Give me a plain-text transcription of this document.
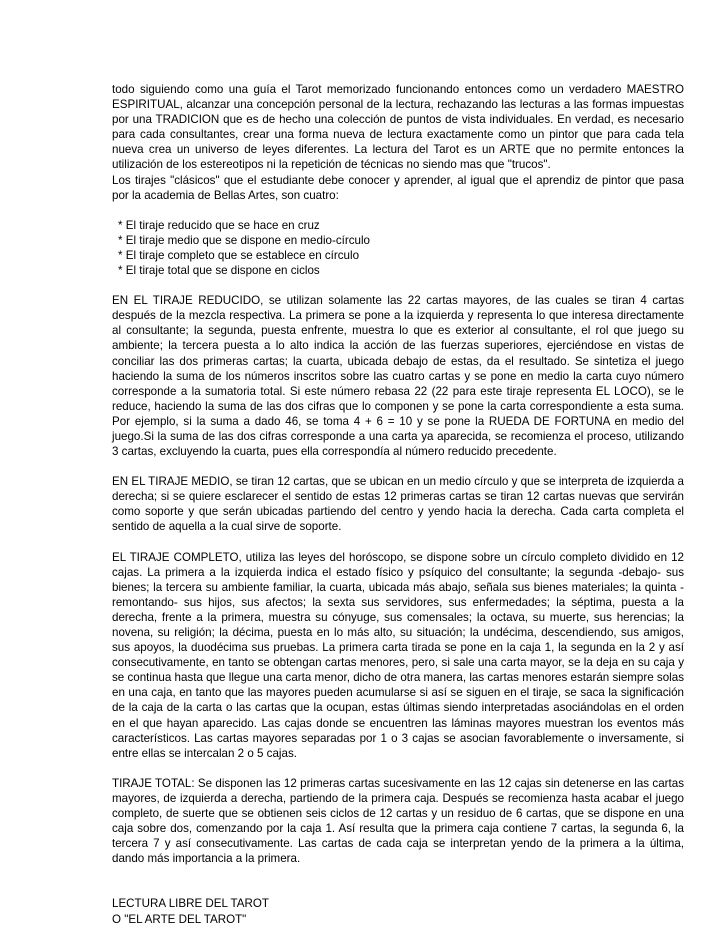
todo siguiendo como una guía el Tarot memorizado funcionando entonces como un verdadero MAESTRO ESPIRITUAL, alcanzar una concepción personal de la lectura, rechazando las lecturas a las formas impuestas por una TRADICION que es de hecho una colección de puntos de vista individuales. En verdad, es necesario para cada consultantes, crear una forma nueva de lectura exactamente como un pintor que para cada tela nueva crea un universo de leyes diferentes. La lectura del Tarot es un ARTE que no permite entonces la utilización de los estereotipos ni la repetición de técnicas no siendo mas que "trucos".

Los tirajes "clásicos" que el estudiante debe conocer y aprender, al igual que el aprendiz de pintor que pasa por la academia de Bellas Artes, son cuatro:

* El tiraje reducido que se hace en cruz
* El tiraje medio que se dispone en medio-círculo
* El tiraje completo que se establece en círculo
* El tiraje total que se dispone en ciclos

EN EL TIRAJE REDUCIDO, se utilizan solamente las 22 cartas mayores, de las cuales se tiran 4 cartas después de la mezcla respectiva. La primera se pone a la izquierda y representa lo que interesa directamente al consultante; la segunda, puesta enfrente, muestra lo que es exterior al consultante, el rol que juego su ambiente; la tercera puesta a lo alto indica la acción de las fuerzas superiores, ejerciéndose en vistas de conciliar las dos primeras cartas; la cuarta, ubicada debajo de estas, da el resultado. Se sintetiza el juego haciendo la suma de los números inscritos sobre las cuatro cartas y se pone en medio la carta cuyo número corresponde a la sumatoria total. Si este número rebasa 22 (22 para este tiraje representa EL LOCO), se le reduce, haciendo la suma de las dos cifras que lo componen y se pone la carta correspondiente a esta suma. Por ejemplo, si la suma a dado 46, se toma 4 + 6 = 10 y se pone la RUEDA DE FORTUNA en medio del juego.Si la suma de las dos cifras corresponde a una carta ya aparecida, se recomienza el proceso, utilizando 3 cartas, excluyendo la cuarta, pues ella correspondía al número reducido precedente.

EN EL TIRAJE MEDIO, se tiran 12 cartas, que se ubican en un medio círculo y que se interpreta de izquierda a derecha; si se quiere esclarecer el sentido de estas 12 primeras cartas se tiran 12 cartas nuevas que servirán como soporte y que serán ubicadas partiendo del centro y yendo hacia la derecha. Cada carta completa el sentido de aquella a la cual sirve de soporte.

EL TIRAJE COMPLETO, utiliza las leyes del horóscopo, se dispone sobre un círculo completo dividido en 12 cajas. La primera a la izquierda indica el estado físico y psíquico del consultante; la segunda -debajo- sus bienes; la tercera su ambiente familiar, la cuarta, ubicada más abajo, señala sus bienes materiales; la quinta - remontando- sus hijos, sus afectos; la sexta sus servidores, sus enfermedades; la séptima, puesta a la derecha, frente a la primera, muestra su cónyuge, sus comensales; la octava, su muerte, sus herencias; la novena, su religión; la décima, puesta en lo más alto, su situación; la undécima, descendiendo, sus amigos, sus apoyos, la duodécima sus pruebas. La primera carta tirada se pone en la caja 1, la segunda en la 2 y así consecutivamente, en tanto se obtengan cartas menores, pero, si sale una carta mayor, se la deja en su caja y se continua hasta que llegue una carta menor, dicho de otra manera, las cartas menores estarán siempre solas en una caja, en tanto que las mayores pueden acumularse si así se siguen en el tiraje, se saca la significación de la caja de la carta o las cartas que la ocupan, estas últimas siendo interpretadas asociándolas en el orden en el que hayan aparecido. Las cajas donde se encuentren las láminas mayores muestran los eventos más característicos. Las cartas mayores separadas por 1 o 3 cajas se asocian favorablemente o inversamente, si entre ellas se intercalan 2 o 5 cajas.

TIRAJE TOTAL: Se disponen las 12 primeras cartas sucesivamente en las 12 cajas sin detenerse en las cartas mayores, de izquierda a derecha, partiendo de la primera caja. Después se recomienza hasta acabar el juego completo, de suerte que se obtienen seis ciclos de 12 cartas y un residuo de 6 cartas, que se dispone en una caja sobre dos, comenzando por la caja 1. Así resulta que la primera caja contiene 7 cartas, la segunda 6, la tercera 7 y así consecutivamente. Las cartas de cada caja se interpretan yendo de la primera a la última, dando más importancia a la primera.

LECTURA LIBRE DEL TAROT

O "EL ARTE DEL TAROT"
